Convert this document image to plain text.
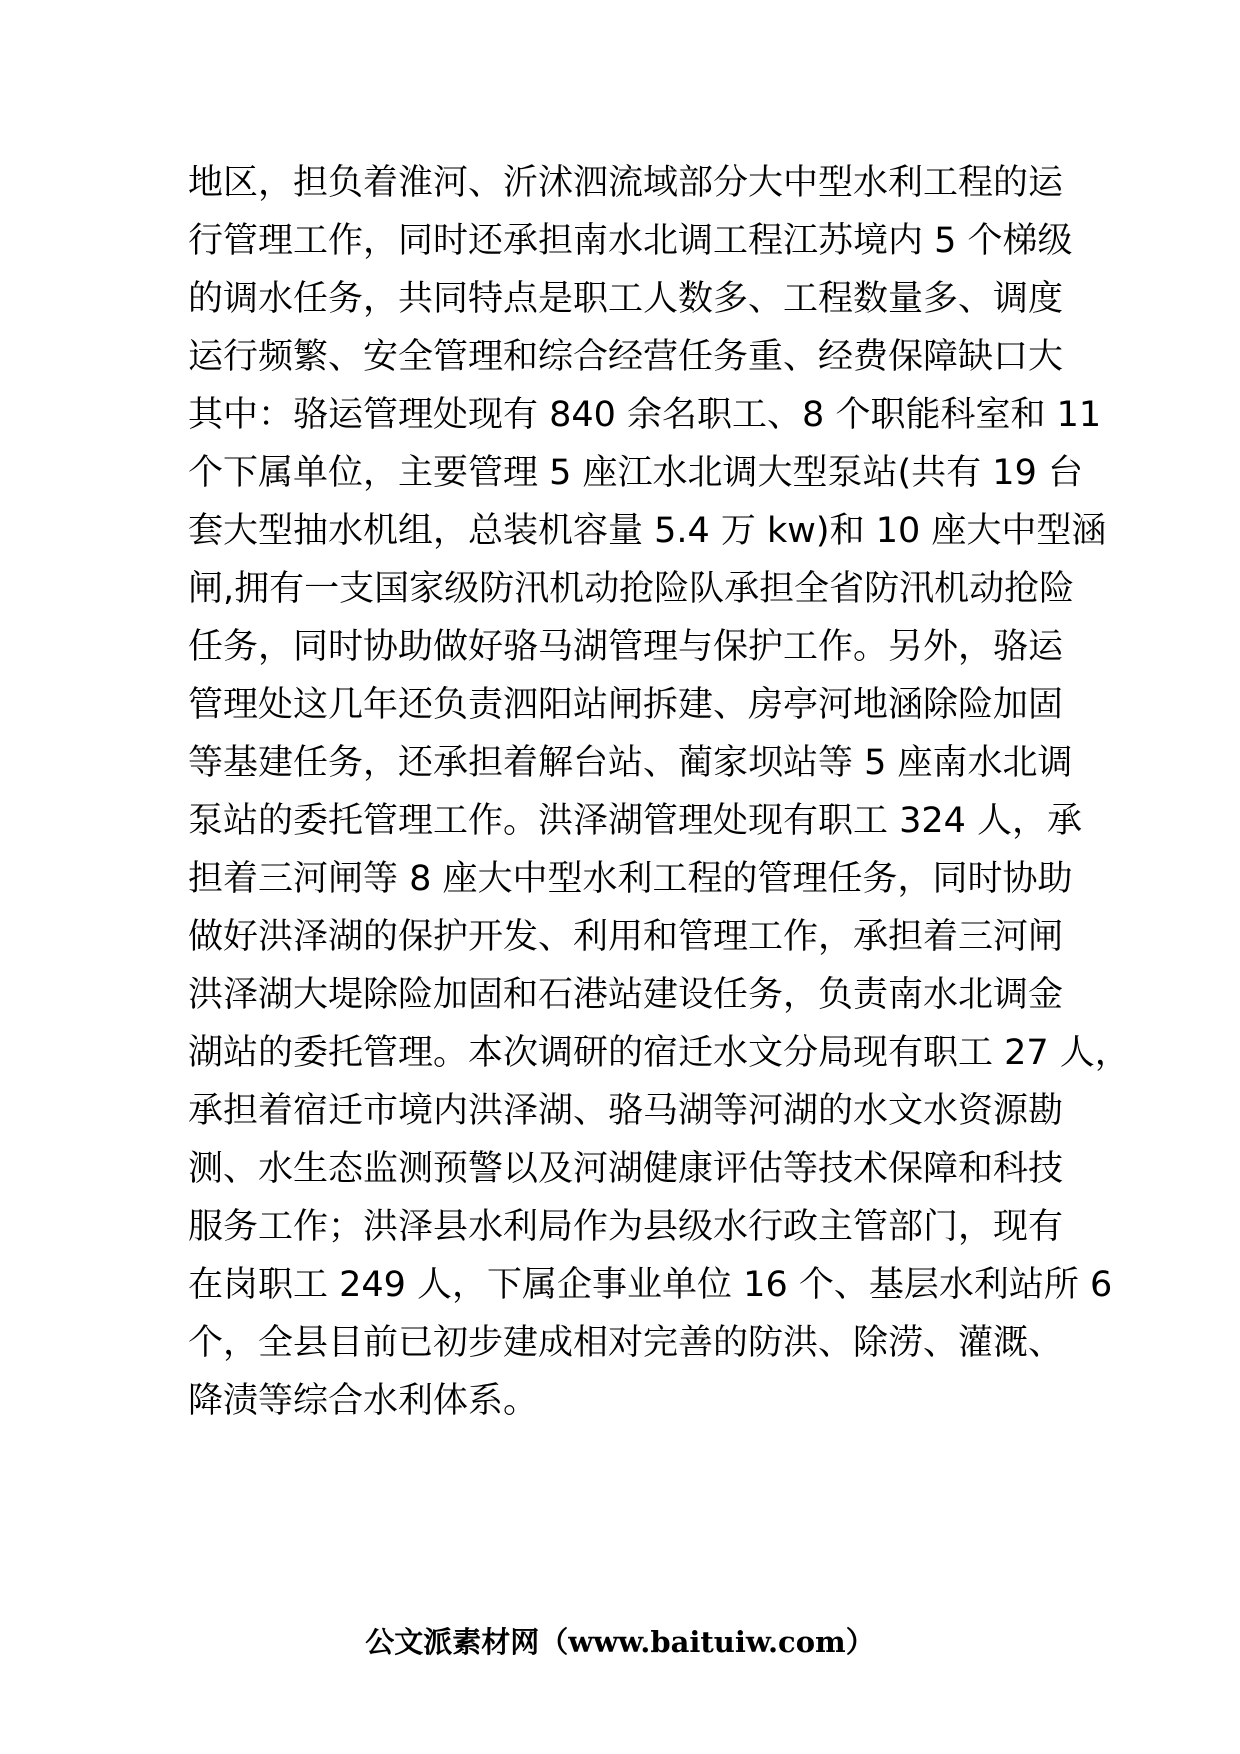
地区，担负着淮河、沂沭泗流域部分大中型水利工程的运
行管理工作，同时还承担南水北调工程江苏境内 5 个梯级
的调水任务，共同特点是职工人数多、工程数量多、调度
运行频繁、安全管理和综合经营任务重、经费保障缺口大
其中：骆运管理处现有 840 余名职工、8 个职能科室和 11
个下属单位，主要管理 5 座江水北调大型泵站(共有 19 台
套大型抽水机组，总装机容量 5.4 万 kw)和 10 座大中型涵
闸,拥有一支国家级防汛机动抢险队承担全省防汛机动抢险
任务，同时协助做好骆马湖管理与保护工作。另外，骆运
管理处这几年还负责泗阳站闸拆建、房亭河地涵除险加固
等基建任务，还承担着解台站、蔺家坝站等 5 座南水北调
泵站的委托管理工作。洪泽湖管理处现有职工 324 人，承
担着三河闸等 8 座大中型水利工程的管理任务，同时协助
做好洪泽湖的保护开发、利用和管理工作，承担着三河闸
洪泽湖大堤除险加固和石港站建设任务，负责南水北调金
湖站的委托管理。本次调研的宿迁水文分局现有职工 27 人，
承担着宿迁市境内洪泽湖、骆马湖等河湖的水文水资源勘
测、水生态监测预警以及河湖健康评估等技术保障和科技
服务工作；洪泽县水利局作为县级水行政主管部门，现有
在岗职工 249 人，下属企事业单位 16 个、基层水利站所 6
个，全县目前已初步建成相对完善的防洪、除涝、灌溉、
降渍等综合水利体系。
公文派素材网（www.baituiw.com）
